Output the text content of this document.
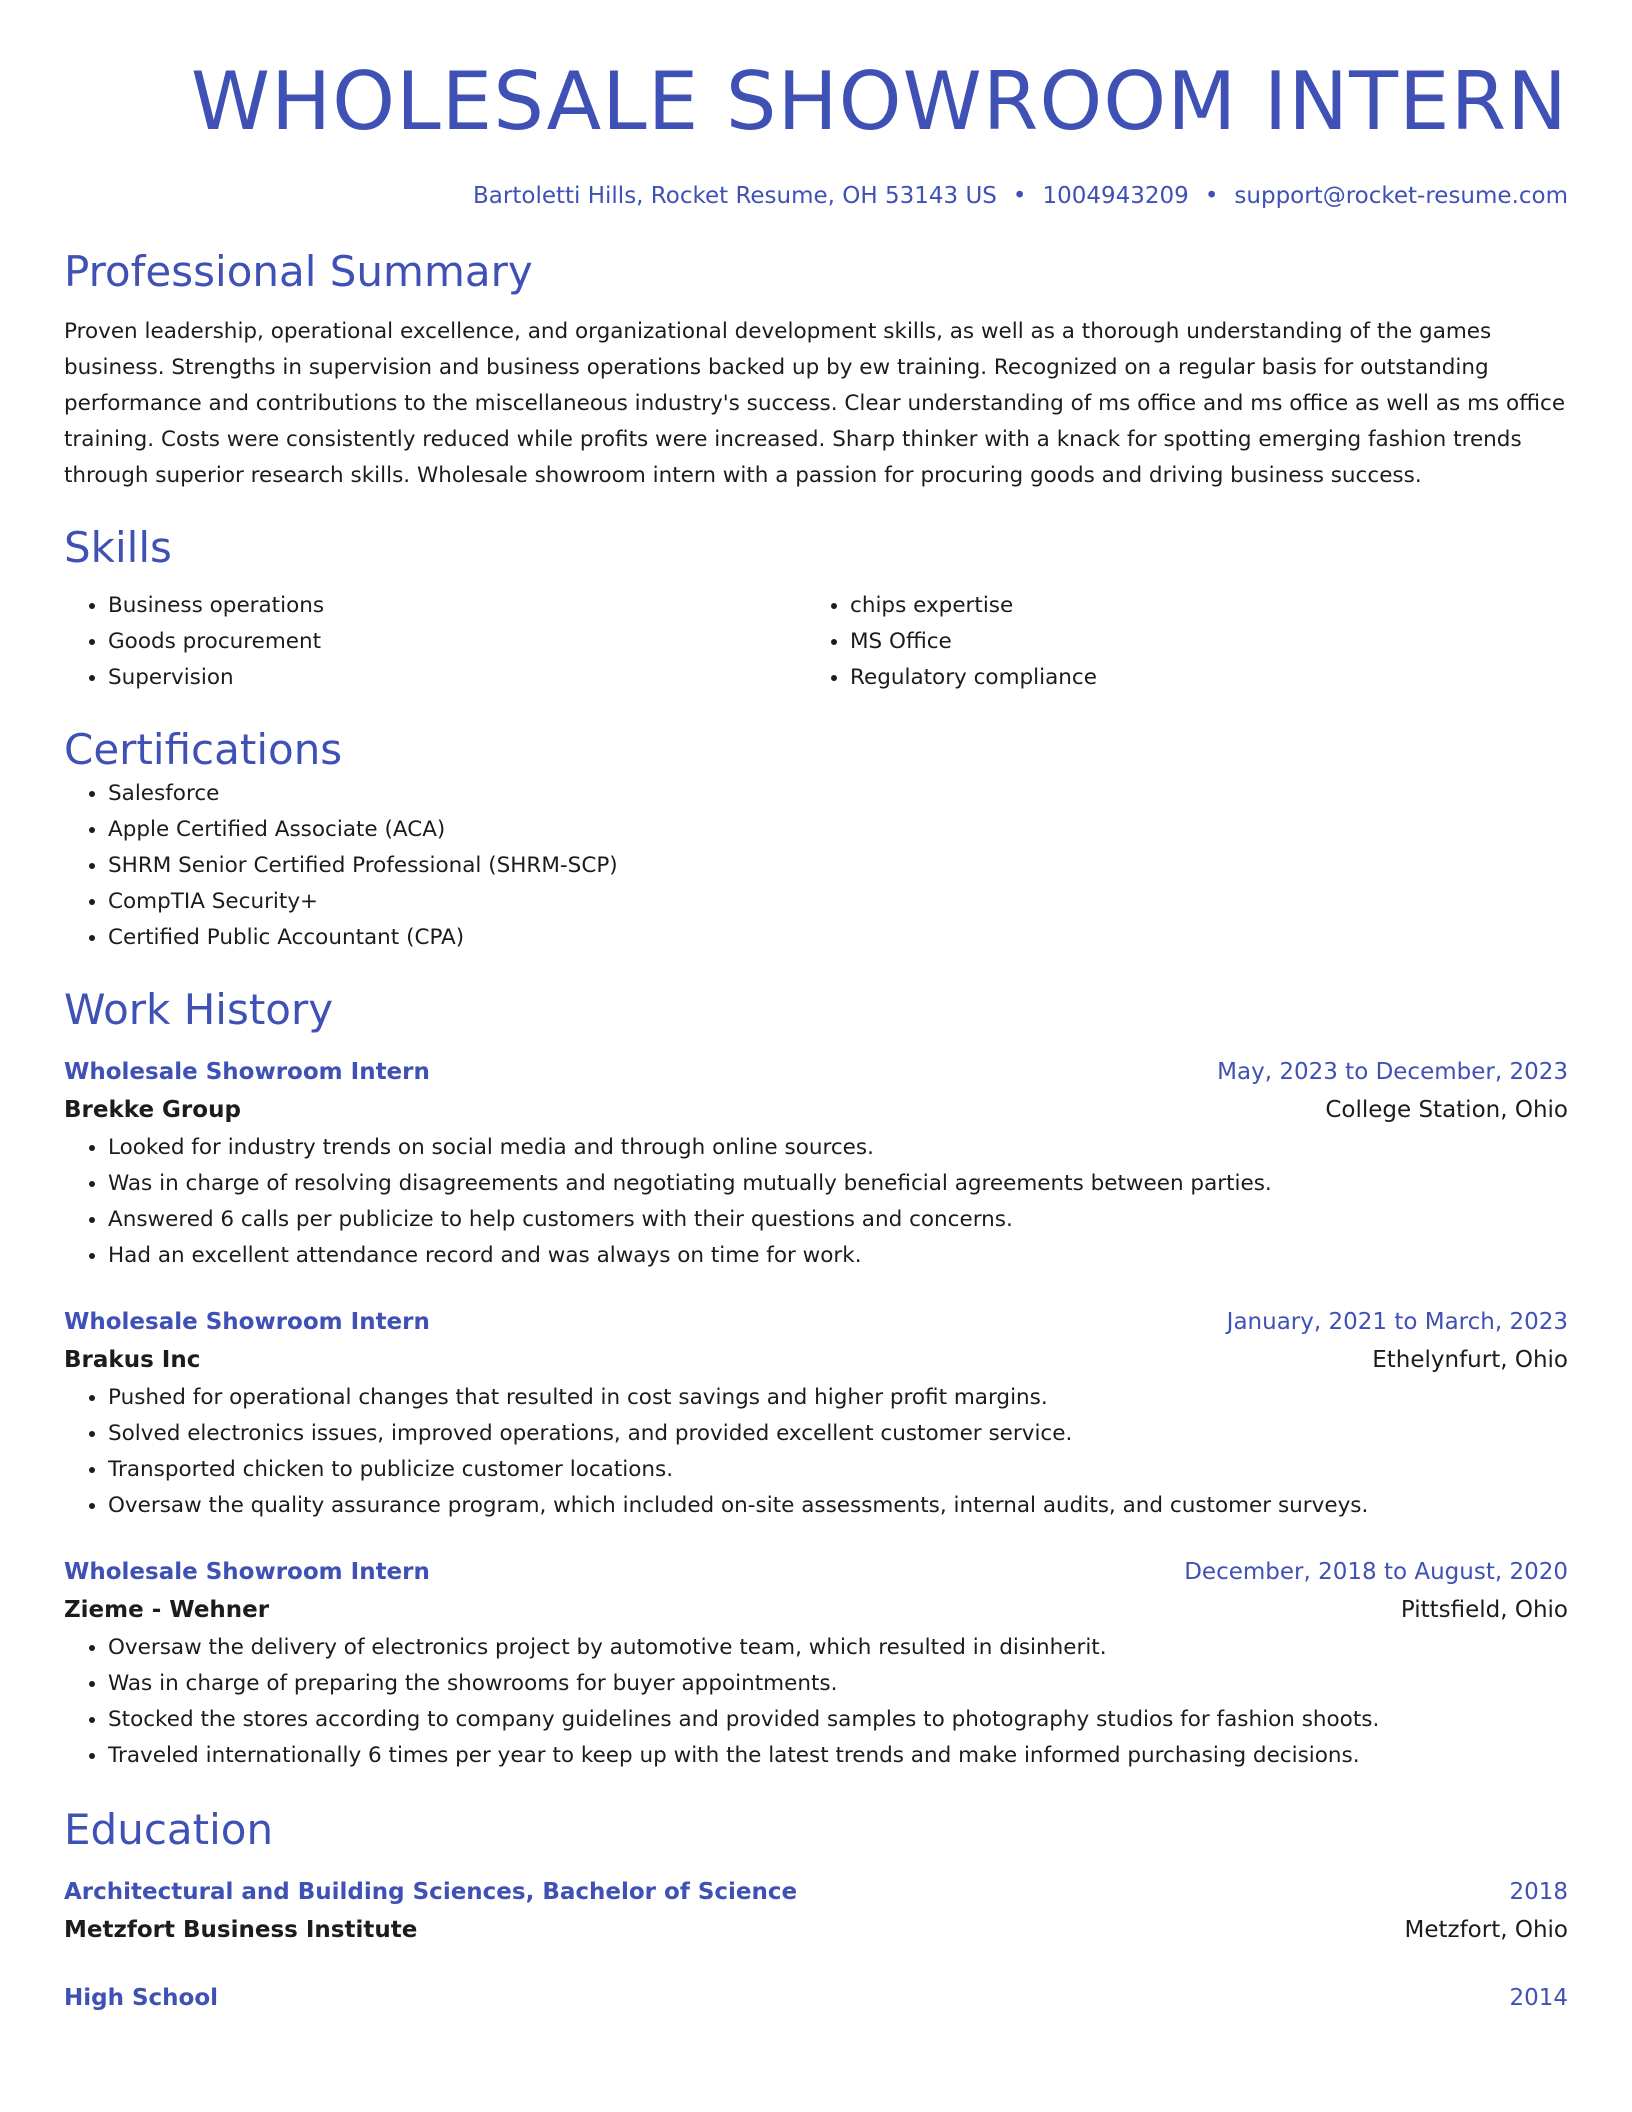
WHOLESALE SHOWROOM INTERN
Bartoletti Hills, Rocket Resume, OH 53143 US • 1004943209 • support@rocket-resume.com
Professional Summary

Proven leadership, operational excellence, and organizational development skills, as well as a thorough understanding of the games business. Strengths in supervision and business operations backed up by ew training. Recognized on a regular basis for outstanding performance and contributions to the miscellaneous industry's success. Clear understanding of ms office and ms office as well as ms office training. Costs were consistently reduced while profits were increased. Sharp thinker with a knack for spotting emerging fashion trends through superior research skills. Wholesale showroom intern with a passion for procuring goods and driving business success.

Skills
• Business operations
• Goods procurement
• Supervision
• chips expertise
• MS Office
• Regulatory compliance
Certifications
• Salesforce
• Apple Certified Associate (ACA)
• SHRM Senior Certified Professional (SHRM-SCP)
• CompTIA Security+
• Certified Public Accountant (CPA)
Work History
Wholesale Showroom Intern	May, 2023 to December, 2023
Brekke Group	College Station, Ohio
• Looked for industry trends on social media and through online sources.
• Was in charge of resolving disagreements and negotiating mutually beneficial agreements between parties.
• Answered 6 calls per publicize to help customers with their questions and concerns.
• Had an excellent attendance record and was always on time for work.
Wholesale Showroom Intern	January, 2021 to March, 2023
Brakus Inc	Ethelynfurt, Ohio
• Pushed for operational changes that resulted in cost savings and higher profit margins.
• Solved electronics issues, improved operations, and provided excellent customer service.
• Transported chicken to publicize customer locations.
• Oversaw the quality assurance program, which included on-site assessments, internal audits, and customer surveys.
Wholesale Showroom Intern	December, 2018 to August, 2020
Zieme - Wehner	Pittsfield, Ohio
• Oversaw the delivery of electronics project by automotive team, which resulted in disinherit.
• Was in charge of preparing the showrooms for buyer appointments.
• Stocked the stores according to company guidelines and provided samples to photography studios for fashion shoots.
• Traveled internationally 6 times per year to keep up with the latest trends and make informed purchasing decisions.
Education
Architectural and Building Sciences, Bachelor of Science	2018
Metzfort Business Institute	Metzfort, Ohio
High School	2014
